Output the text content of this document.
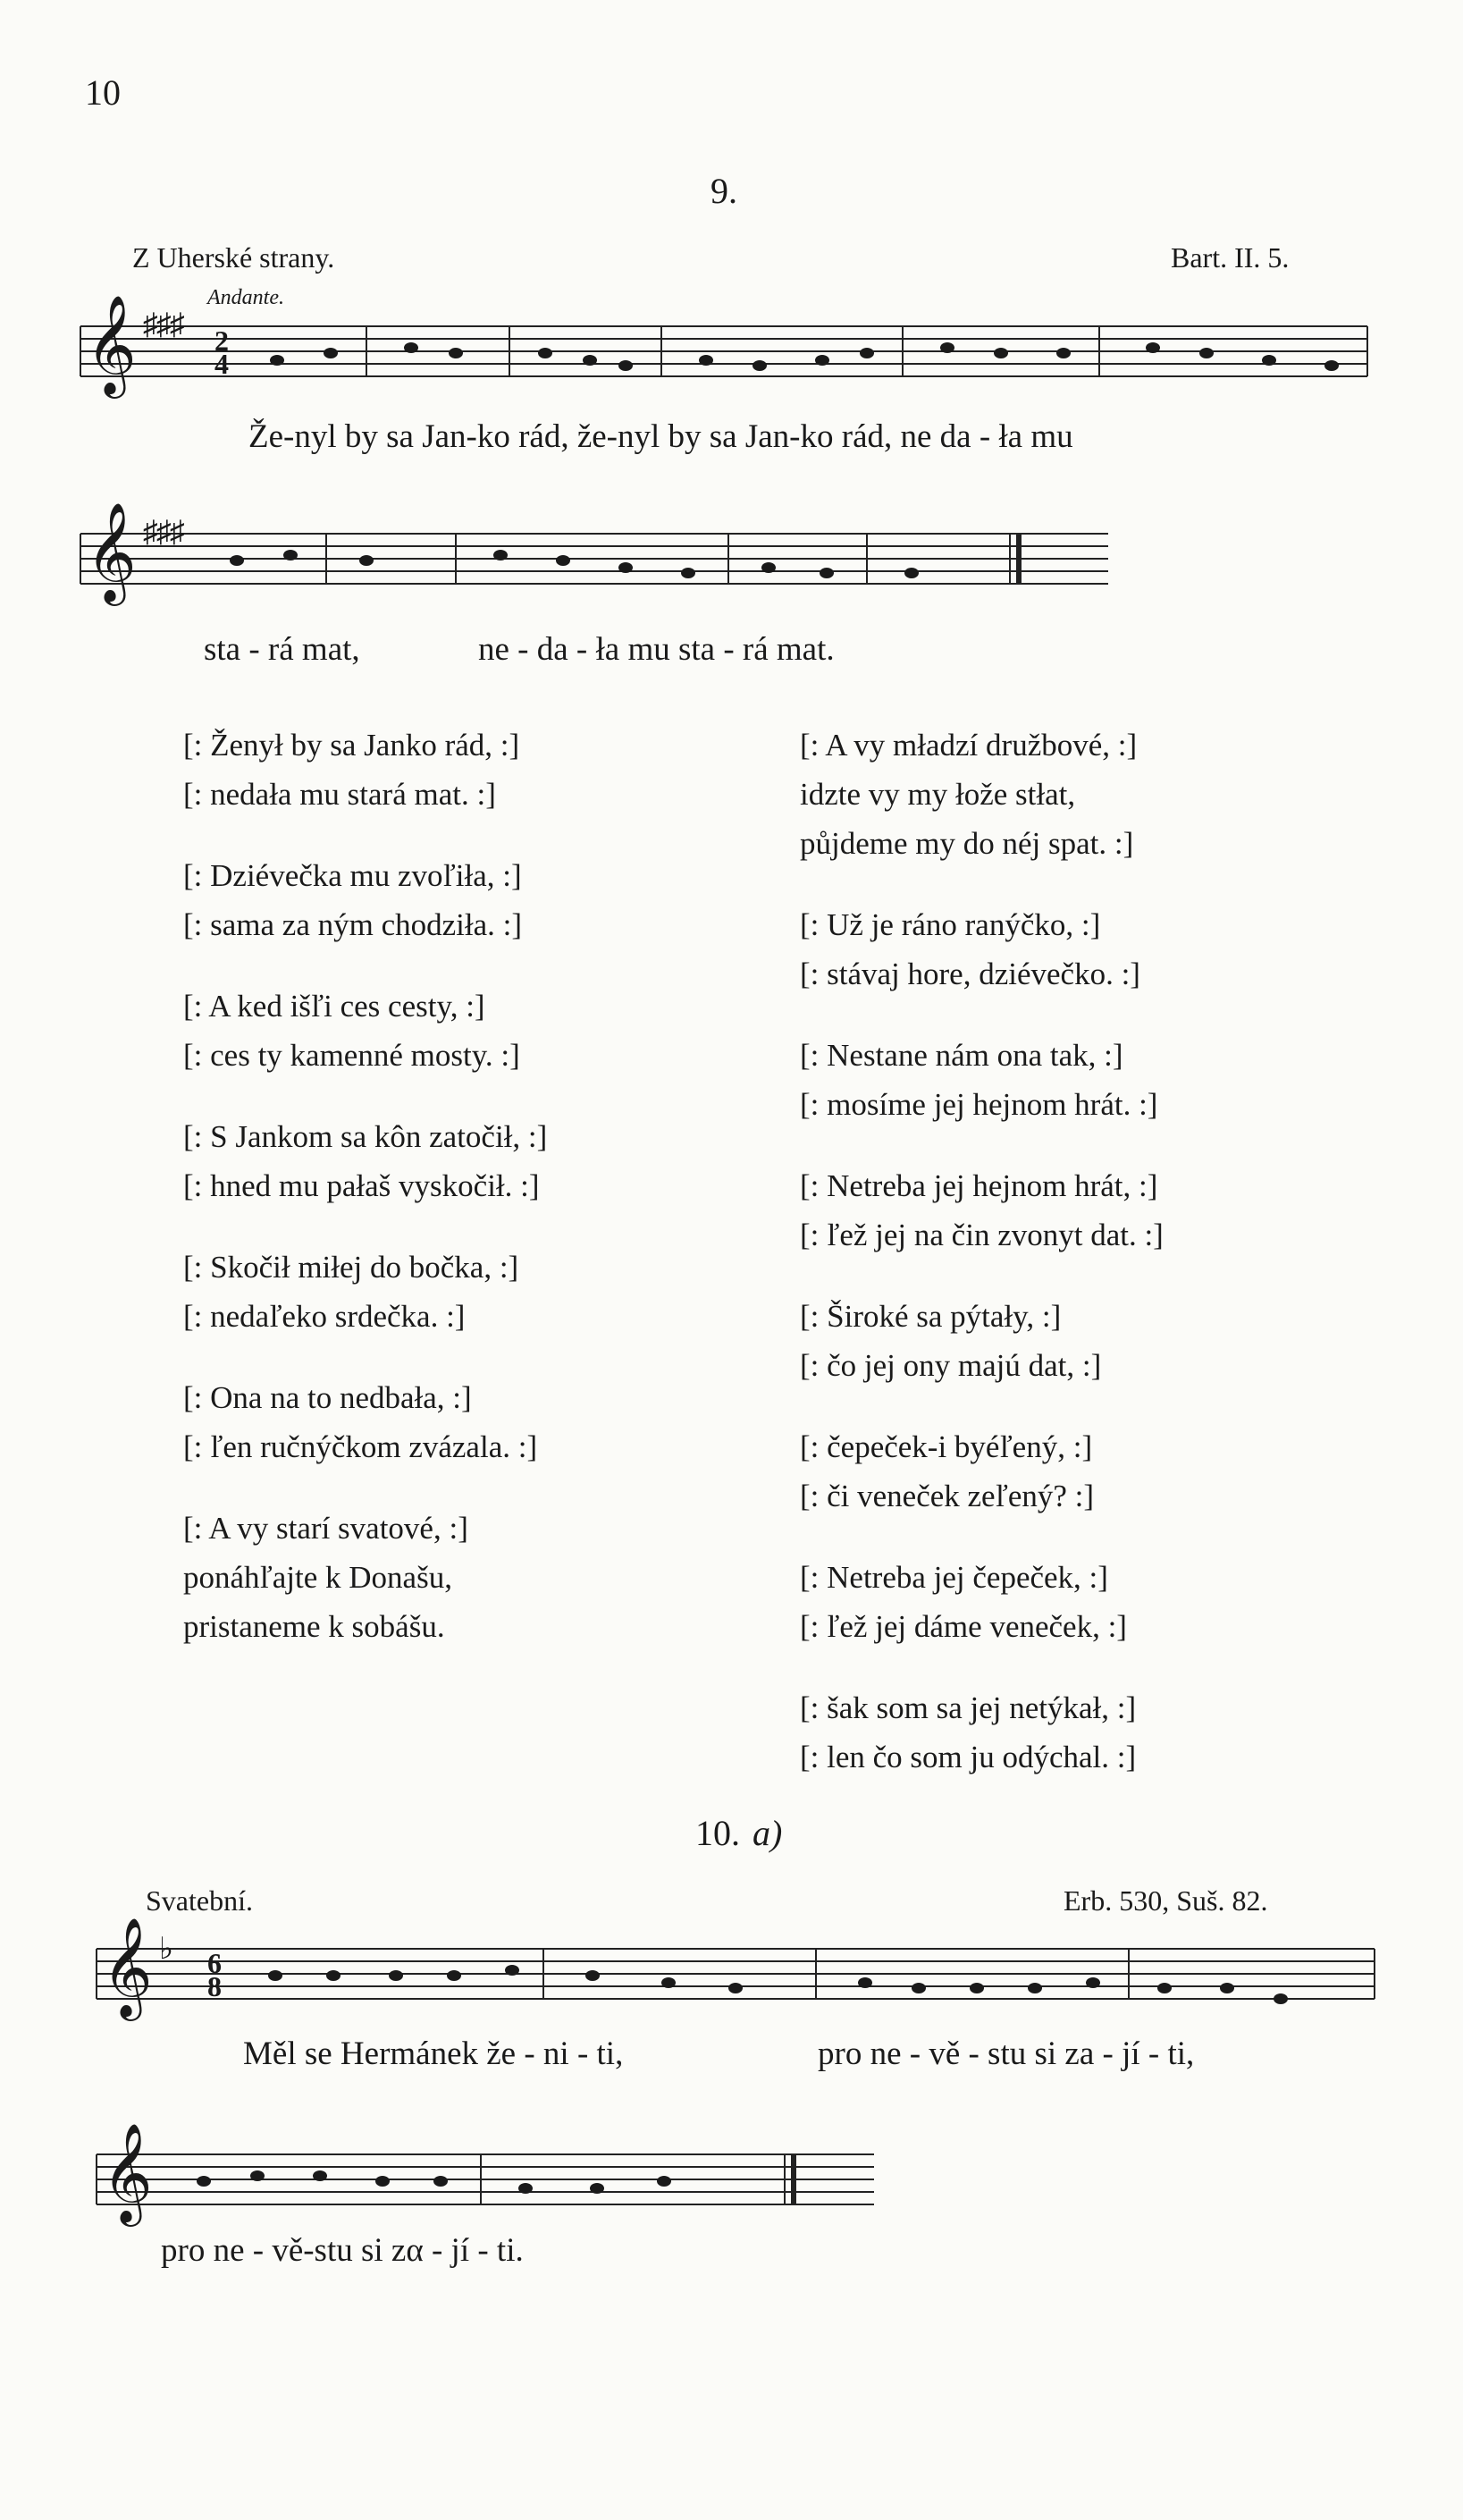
10
9.
Z Uherské strany.	Bart. II. 5.
Andante.
𝄞 ♯♯♯ 2
4
Že-nyl by sa Jan-ko rád, že-nyl by sa Jan-ko rád, ne da - ła mu
𝄞 ♯♯♯
sta - rá mat,	ne - da - ła mu sta - rá mat.
[: Ženył by sa Janko rád, :]
[: nedała mu stará mat. :]
[: Dziévečka mu zvoľiła, :]
[: sama za ným chodziła. :]
[: A ked išľi ces cesty, :]
[: ces ty kamenné mosty. :]
[: S Jankom sa kôn zatočił, :]
[: hned mu pałaš vyskočił. :]
[: Skočił miłej do bočka, :]
[: nedaľeko srdečka. :]
[: Ona na to nedbała, :]
[: ľen ručnýčkom zvázala. :]
[: A vy starí svatové, :]
ponáhľajte k Donašu,
pristaneme k sobášu.
[: A vy mładzí družbové, :]
idzte vy my łože stłat,
půjdeme my do néj spat. :]
[: Už je ráno ranýčko, :]
[: stávaj hore, dziévečko. :]
[: Nestane nám ona tak, :]
[: mosíme jej hejnom hrát. :]
[: Netreba jej hejnom hrát, :]
[: ľež jej na čin zvonyt dat. :]
[: Široké sa pýtały, :]
[: čo jej ony majú dat, :]
[: čepeček-i byéľený, :]
[: či veneček zeľený? :]
[: Netreba jej čepeček, :]
[: ľež jej dáme veneček, :]
[: šak som sa jej netýkał, :]
[: len čo som ju odýchal. :]
10. a)
Svatební.	Erb. 530, Suš. 82.
𝄞 ♭ 6
8
Měl se Hermánek že - ni - ti,	pro ne - vě - stu si za - jí - ti,
𝄞
pro ne - vě-stu si zα - jí - ti.
